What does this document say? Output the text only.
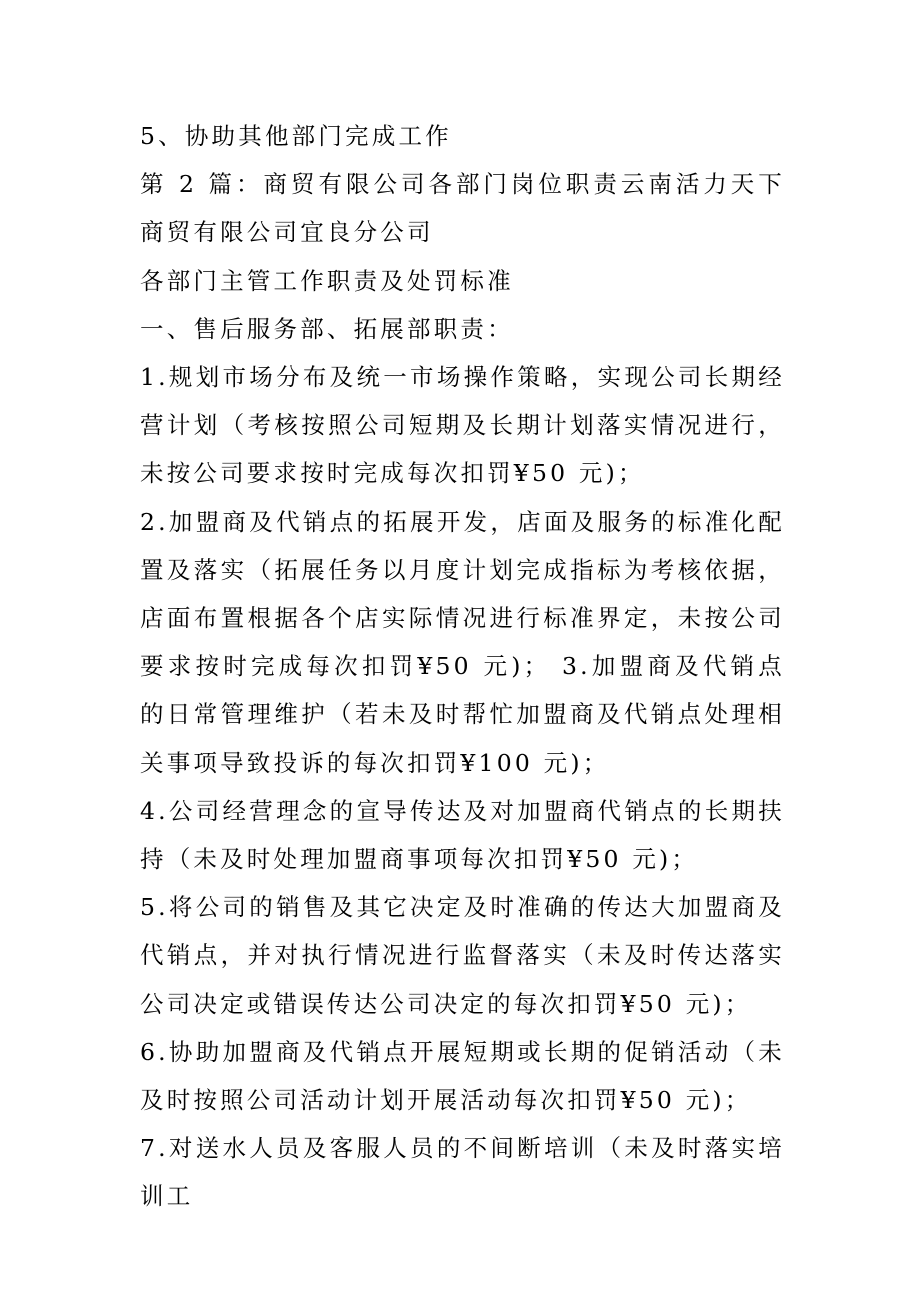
5、协助其他部门完成工作

第 2 篇：商贸有限公司各部门岗位职责云南活力天下商贸有限公司宜良分公司

各部门主管工作职责及处罚标准

一、售后服务部、拓展部职责：

1.规划市场分布及统一市场操作策略，实现公司长期经营计划（考核按照公司短期及长期计划落实情况进行，未按公司要求按时完成每次扣罚¥50 元)；

2.加盟商及代销点的拓展开发，店面及服务的标准化配置及落实（拓展任务以月度计划完成指标为考核依据，店面布置根据各个店实际情况进行标准界定，未按公司要求按时完成每次扣罚¥50 元)； 3.加盟商及代销点的日常管理维护（若未及时帮忙加盟商及代销点处理相关事项导致投诉的每次扣罚¥100 元)；

4.公司经营理念的宣导传达及对加盟商代销点的长期扶持（未及时处理加盟商事项每次扣罚¥50 元)；

5.将公司的销售及其它决定及时准确的传达大加盟商及代销点，并对执行情况进行监督落实（未及时传达落实公司决定或错误传达公司决定的每次扣罚¥50 元)；

6.协助加盟商及代销点开展短期或长期的促销活动（未及时按照公司活动计划开展活动每次扣罚¥50 元)；

7.对送水人员及客服人员的不间断培训（未及时落实培训工
